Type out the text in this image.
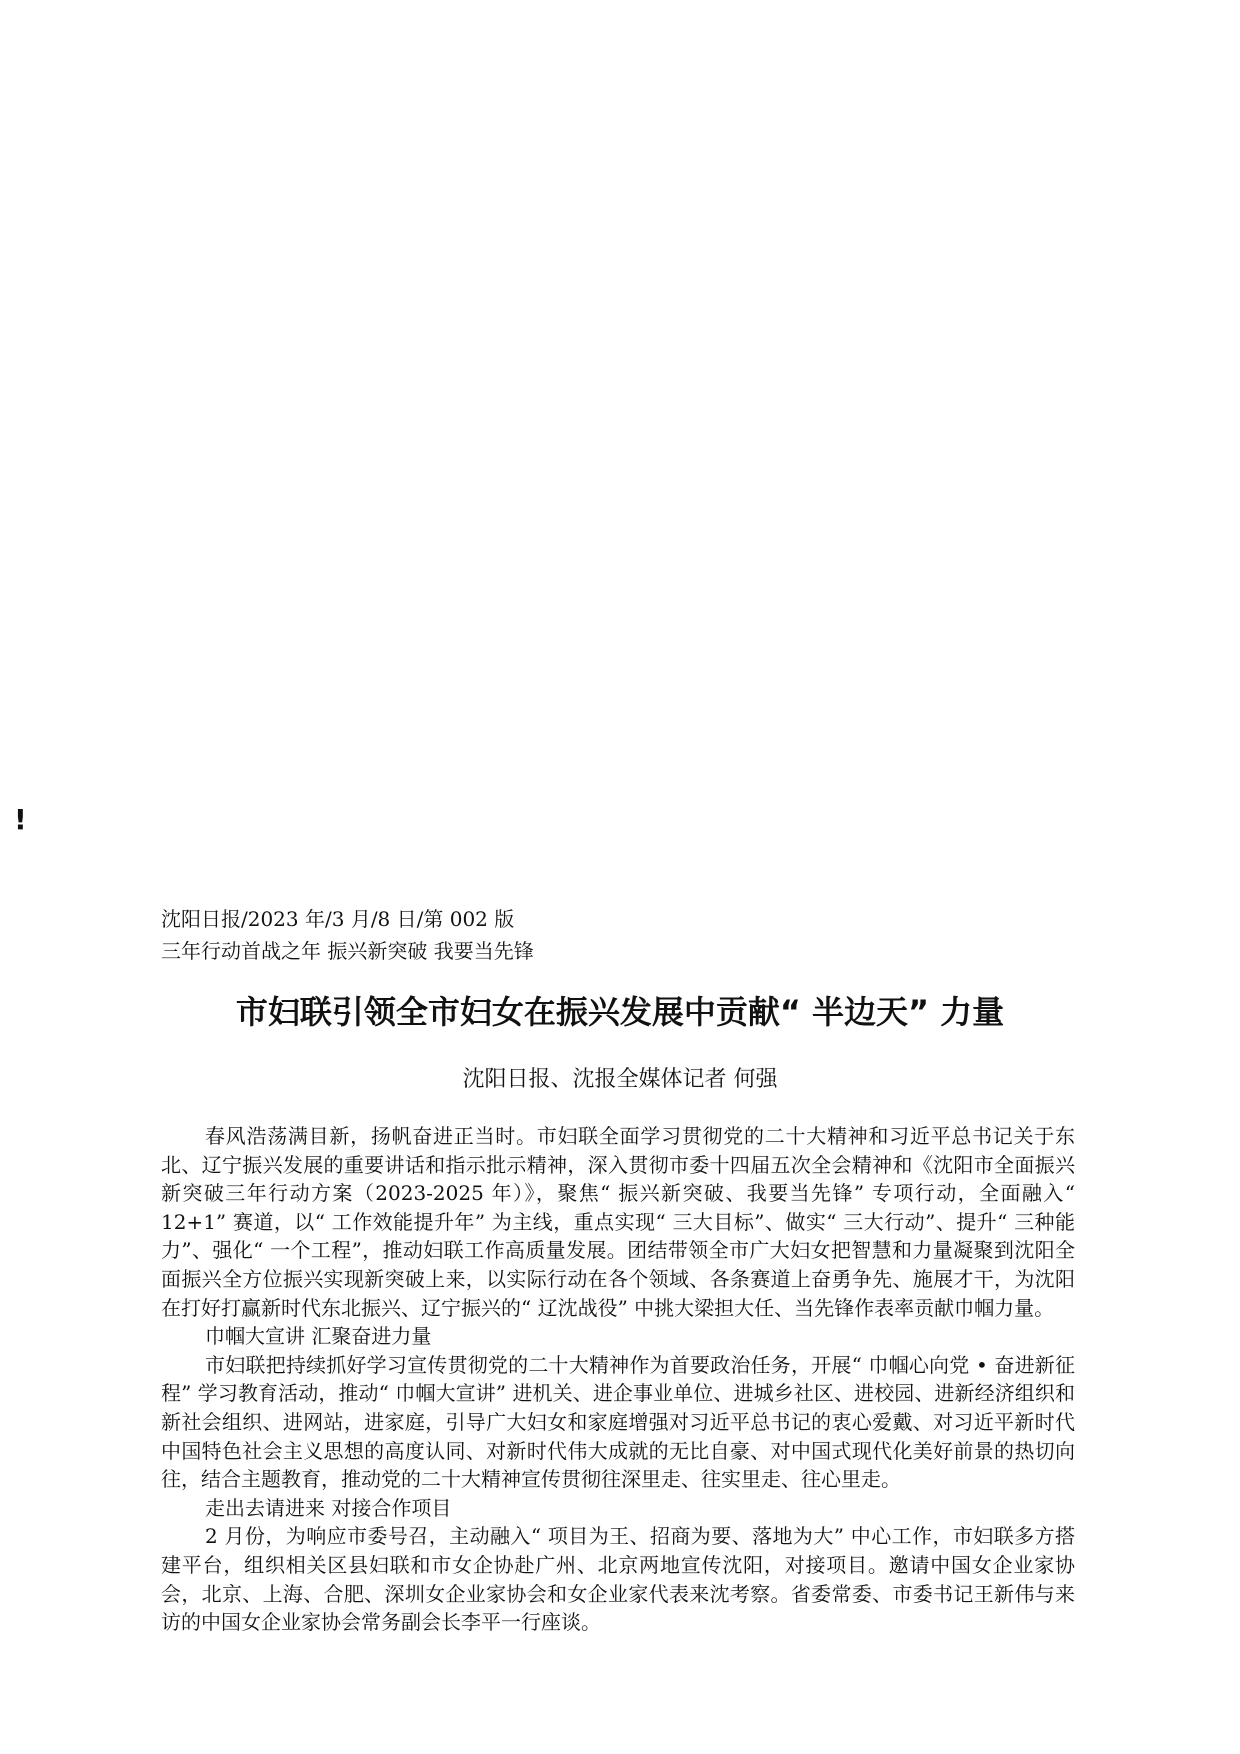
!
沈阳日报/2023 年/3 月/8 日/第 002 版
三年行动首战之年 振兴新突破 我要当先锋
市妇联引领全市妇女在振兴发展中贡献“ 半边天” 力量
沈阳日报、沈报全媒体记者 何强

春风浩荡满目新，扬帆奋进正当时。市妇联全面学习贯彻党的二十大精神和习近平总书记关于东北、辽宁振兴发展的重要讲话和指示批示精神，深入贯彻市委十四届五次全会精神和《沈阳市全面振兴新突破三年行动方案（2023-2025 年）》，聚焦“ 振兴新突破、我要当先锋” 专项行动，全面融入“ 12+1” 赛道，以“ 工作效能提升年” 为主线，重点实现“ 三大目标”、做实“ 三大行动”、提升“ 三种能力”、强化“ 一个工程”，推动妇联工作高质量发展。团结带领全市广大妇女把智慧和力量凝聚到沈阳全面振兴全方位振兴实现新突破上来，以实际行动在各个领域、各条赛道上奋勇争先、施展才干，为沈阳在打好打赢新时代东北振兴、辽宁振兴的“ 辽沈战役” 中挑大梁担大任、当先锋作表率贡献巾帼力量。

巾帼大宣讲 汇聚奋进力量

市妇联把持续抓好学习宣传贯彻党的二十大精神作为首要政治任务，开展“ 巾帼心向党 • 奋进新征程” 学习教育活动，推动“ 巾帼大宣讲” 进机关、进企事业单位、进城乡社区、进校园、进新经济组织和新社会组织、进网站，进家庭，引导广大妇女和家庭增强对习近平总书记的衷心爱戴、对习近平新时代中国特色社会主义思想的高度认同、对新时代伟大成就的无比自豪、对中国式现代化美好前景的热切向往，结合主题教育，推动党的二十大精神宣传贯彻往深里走、往实里走、往心里走。

走出去请进来 对接合作项目

2 月份，为响应市委号召，主动融入“ 项目为王、招商为要、落地为大” 中心工作，市妇联多方搭建平台，组织相关区县妇联和市女企协赴广州、北京两地宣传沈阳，对接项目。邀请中国女企业家协会，北京、上海、合肥、深圳女企业家协会和女企业家代表来沈考察。省委常委、市委书记王新伟与来访的中国女企业家协会常务副会长李平一行座谈。
